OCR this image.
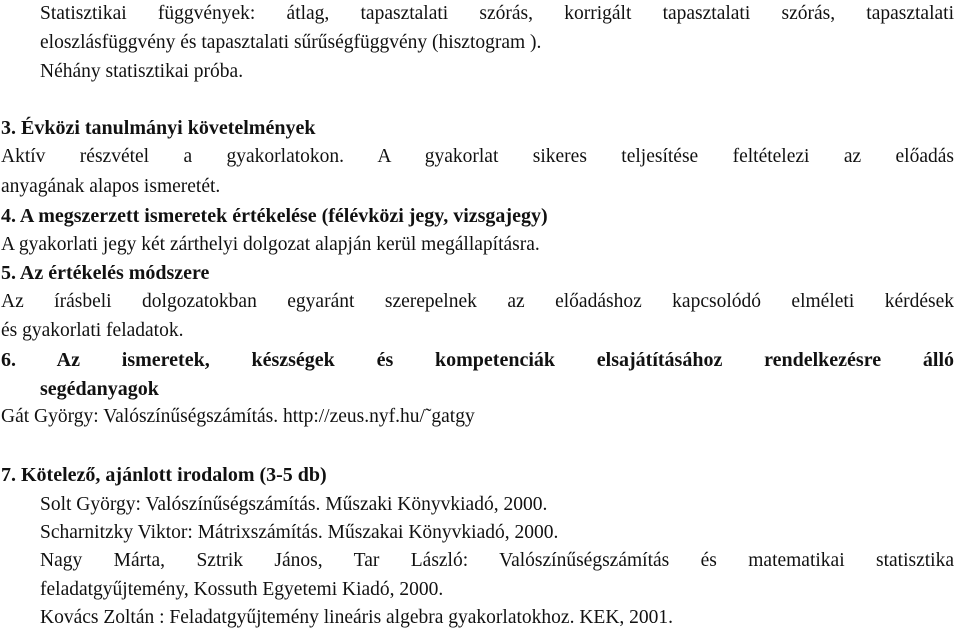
Statisztikai függvények: átlag, tapasztalati szórás, korrigált tapasztalati szórás, tapasztalati
eloszlásfüggvény és tapasztalati sűrűségfüggvény (hisztogram ).
Néhány statisztikai próba.
3. Évközi tanulmányi követelmények
Aktív részvétel a gyakorlatokon. A gyakorlat sikeres teljesítése feltételezi az előadás
anyagának alapos ismeretét.
4. A megszerzett ismeretek értékelése (félévközi jegy, vizsgajegy)
A gyakorlati jegy két zárthelyi dolgozat alapján kerül megállapításra.
5. Az értékelés módszere
Az írásbeli dolgozatokban egyaránt szerepelnek az előadáshoz kapcsolódó elméleti kérdések
és gyakorlati feladatok.
6. Az ismeretek, készségek és kompetenciák elsajátításához rendelkezésre álló
segédanyagok
Gát György: Valószínűségszámítás. http://zeus.nyf.hu/˜gatgy
7. Kötelező, ajánlott irodalom (3-5 db)
Solt György: Valószínűségszámítás. Műszaki Könyvkiadó, 2000.
Scharnitzky Viktor: Mátrixszámítás. Műszakai Könyvkiadó, 2000.
Nagy Márta, Sztrik János, Tar László: Valószínűségszámítás és matematikai statisztika
feladatgyűjtemény, Kossuth Egyetemi Kiadó, 2000.
Kovács Zoltán : Feladatgyűjtemény lineáris algebra gyakorlatokhoz. KEK, 2001.
